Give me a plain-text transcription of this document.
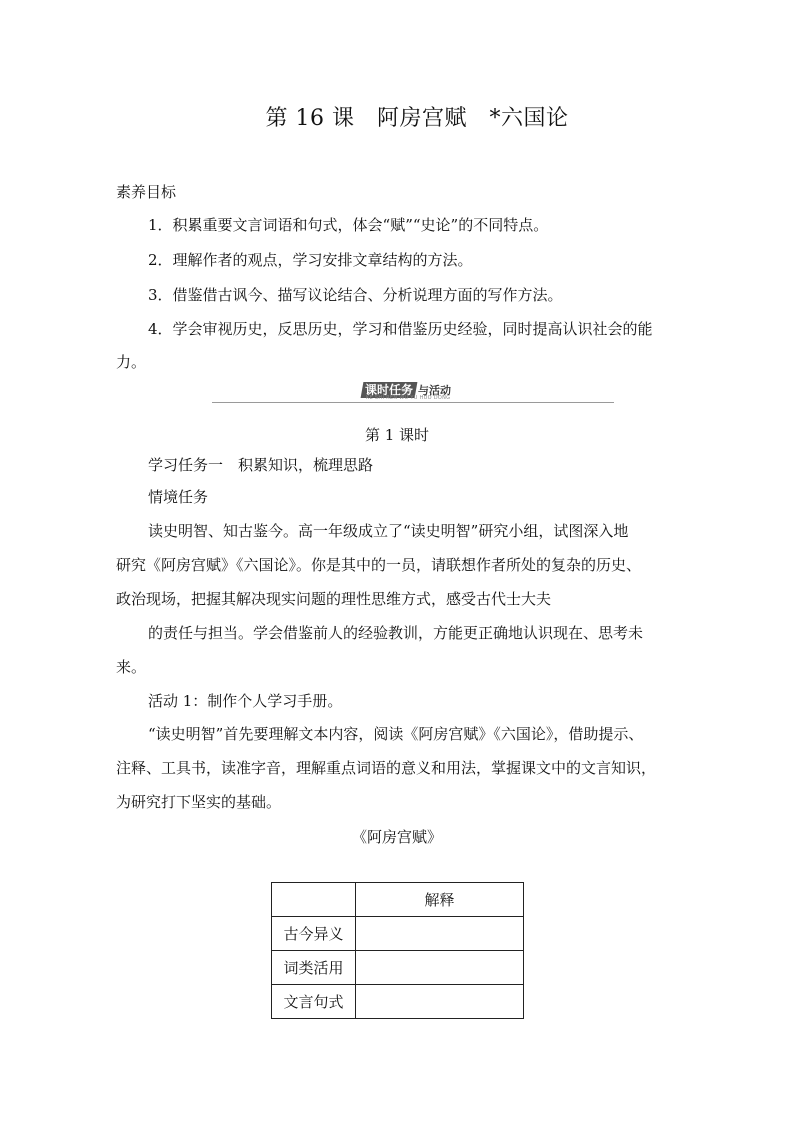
第 16 课　阿房宫赋　*六国论
素养目标
1．积累重要文言词语和句式，体会“赋”“史论”的不同特点。
2．理解作者的观点，学习安排文章结构的方法。
3．借鉴借古讽今、描写议论结合、分析说理方面的写作方法。
4．学会审视历史，反思历史，学习和借鉴历史经验，同时提高认识社会的能
力。
课时任务 与活动
KE SHI REN WU YU HUO DONG
第 1 课时
学习任务一　积累知识，梳理思路
情境任务
读史明智、知古鉴今。高一年级成立了“读史明智”研究小组，试图深入地
研究《阿房宫赋》《六国论》。你是其中的一员，请联想作者所处的复杂的历史、
政治现场，把握其解决现实问题的理性思维方式，感受古代士大夫
的责任与担当。学会借鉴前人的经验教训，方能更正确地认识现在、思考未
来。
活动 1：制作个人学习手册。
“读史明智”首先要理解文本内容，阅读《阿房宫赋》《六国论》，借助提示、
注释、工具书，读准字音，理解重点词语的意义和用法，掌握课文中的文言知识，
为研究打下坚实的基础。
《阿房宫赋》
	解释
古今异义	
词类活用	
文言句式	
